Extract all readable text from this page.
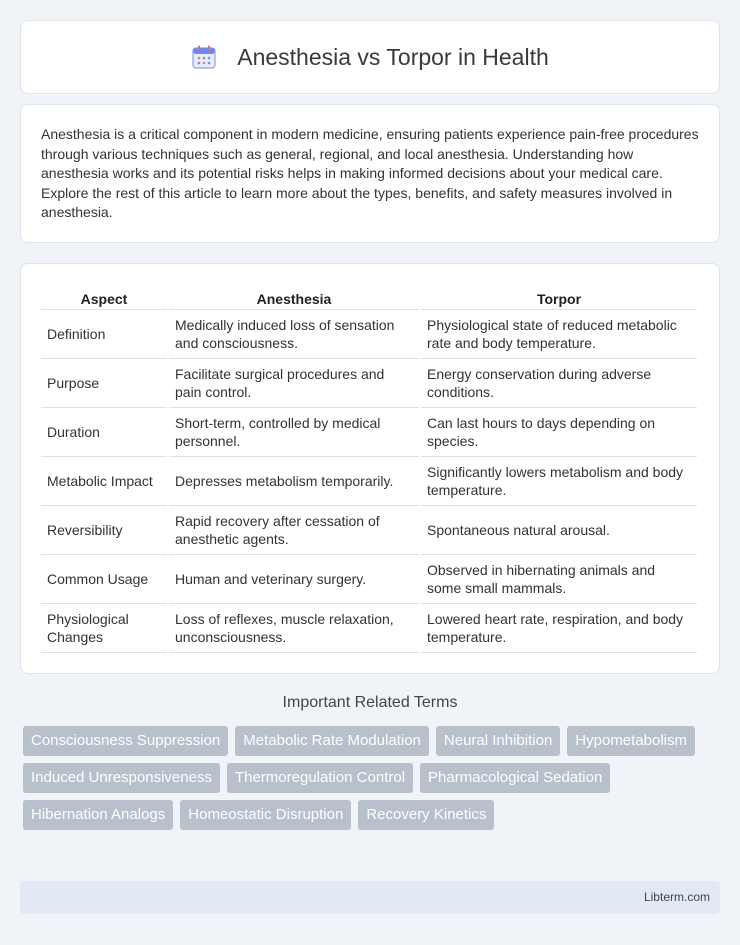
Anesthesia vs Torpor in Health

Anesthesia is a critical component in modern medicine, ensuring patients experience pain-free procedures through various techniques such as general, regional, and local anesthesia. Understanding how anesthesia works and its potential risks helps in making informed decisions about your medical care. Explore the rest of this article to learn more about the types, benefits, and safety measures involved in anesthesia.

Aspect	Anesthesia	Torpor
Definition	Medically induced loss of sensation and consciousness.	Physiological state of reduced metabolic rate and body temperature.
Purpose	Facilitate surgical procedures and pain control.	Energy conservation during adverse conditions.
Duration	Short-term, controlled by medical personnel.	Can last hours to days depending on species.
Metabolic Impact	Depresses metabolism temporarily.	Significantly lowers metabolism and body temperature.
Reversibility	Rapid recovery after cessation of anesthetic agents.	Spontaneous natural arousal.
Common Usage	Human and veterinary surgery.	Observed in hibernating animals and some small mammals.
Physiological Changes	Loss of reflexes, muscle relaxation, unconsciousness.	Lowered heart rate, respiration, and body temperature.
Important Related Terms
Consciousness Suppression	Metabolic Rate Modulation	Neural Inhibition	Hypometabolism
Induced Unresponsiveness	Thermoregulation Control	Pharmacological Sedation
Hibernation Analogs	Homeostatic Disruption	Recovery Kinetics
Libterm.com
